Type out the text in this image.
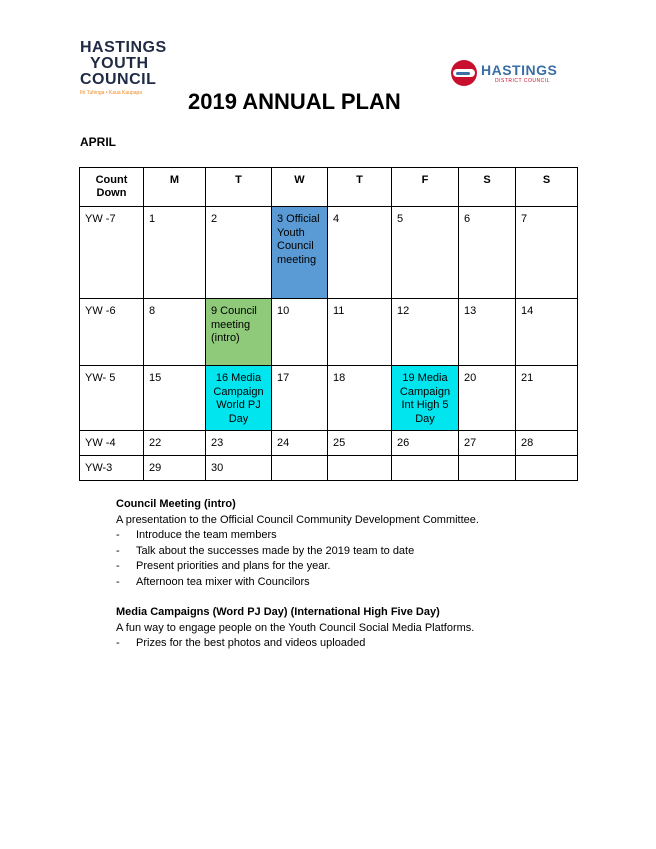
HASTINGS
YOUTH
COUNCIL
Ihi Tuhinga • Kaua Kaupapa
HASTINGS
DISTRICT COUNCIL
2019 ANNUAL PLAN
APRIL
Count Down	M	T	W	T	F	S	S

YW -7	1	2	3 Official Youth Council meeting	4	5	6	7

YW -6	8	9 Council meeting (intro)	10	11	12	13	14

YW- 5	15	16 Media Campaign World PJ Day	17	18	19 Media Campaign Int High 5 Day	20	21

YW -4	22	23	24	25	26	27	28

YW-3	29	30					

Council Meeting (intro)
A presentation to the Official Council Community Development Committee.
- Introduce the team members
- Talk about the successes made by the 2019 team to date
- Present priorities and plans for the year.
- Afternoon tea mixer with Councilors
Media Campaigns (Word PJ Day) (International High Five Day)
A fun way to engage people on the Youth Council Social Media Platforms.
- Prizes for the best photos and videos uploaded
